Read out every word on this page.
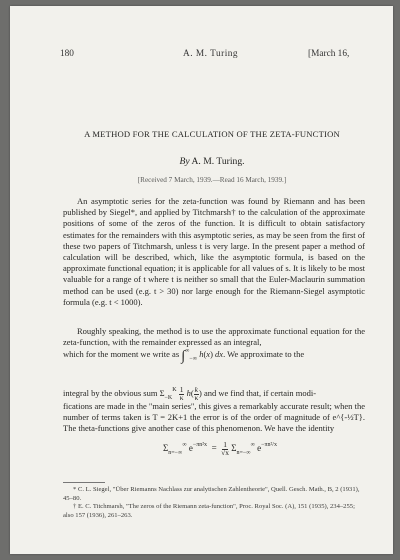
180	A. M. Turing	[March 16,
A METHOD FOR THE CALCULATION OF THE ZETA-FUNCTION
By A. M. Turing.
[Received 7 March, 1939.—Read 16 March, 1939.]
An asymptotic series for the zeta-function was found by Riemann and has been published by Siegel*, and applied by Titchmarsh† to the calculation of the approximate positions of some of the zeros of the function. It is difficult to obtain satisfactory estimates for the remainders with this asymptotic series, as may be seen from the first of these two papers of Titchmarsh, unless t is very large. In the present paper a method of calculation will be described, which, like the asymptotic formula, is based on the approximate functional equation; it is applicable for all values of s. It is likely to be most valuable for a range of t where t is neither so small that the Euler-Maclaurin summation method can be used (e.g. t > 30) nor large enough for the Riemann-Siegel asymptotic formula (e.g. t < 1000).
Roughly speaking, the method is to use the approximate functional equation for the zeta-function, with the remainder expressed as an integral,
which for the moment we write as $\int^\infty_{-\infty}$ h(x) dx. We approximate to the
integral by the obvious sum $\Sigma_{-K}^K$ 1
κ h(k
κ) and we find that, if certain modi-
fications are made in the "main series", this gives a remarkably accurate result; when the number of terms taken is T = 2K+1 the error is of the order of magnitude of e^{-½T}. The theta-functions give another case of this phenomenon. We have the identity
$\Sigma_{n=-\infty}^\infty$ $e^{-\pi n^2x} = 1$
√x $\Sigma_{n=-\infty}^\infty$ $e^{-\pi n^2/x}$
* C. L. Siegel, "Über Riemanns Nachlass zur analytischen Zahlentheorie", Quell. Gesch. Math., B, 2 (1931), 45–80.
† E. C. Titchmarsh, "The zeros of the Riemann zeta-function", Proc. Royal Soc. (A), 151 (1935), 234–255; also 157 (1936), 261–263.
